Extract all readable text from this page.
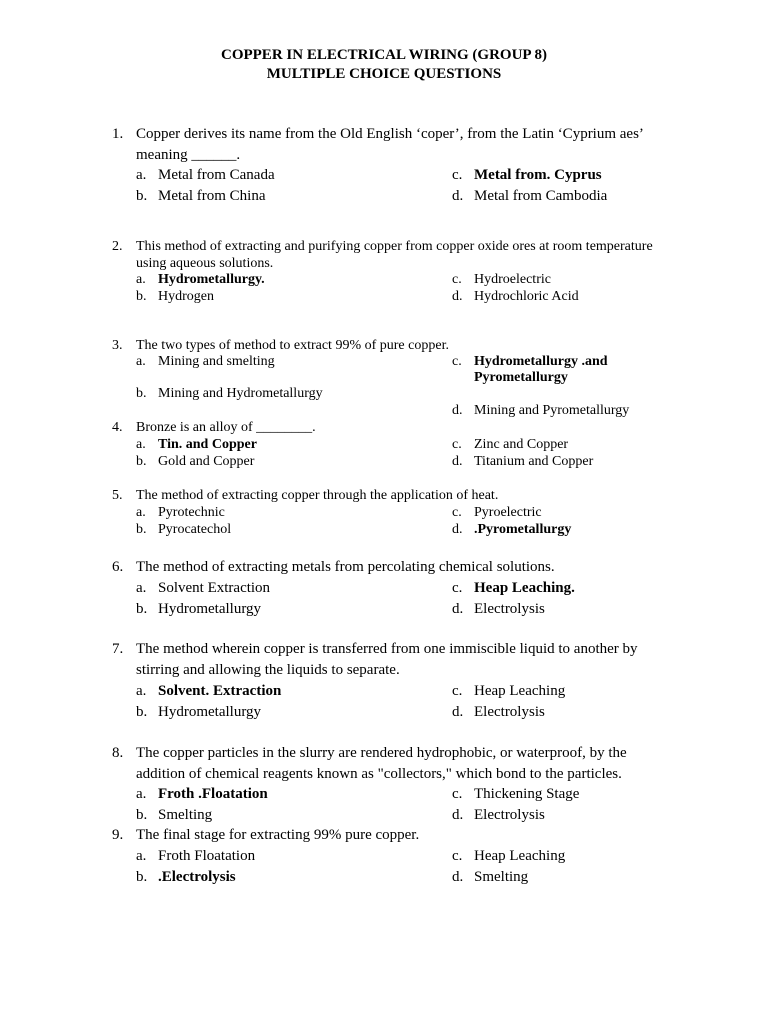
COPPER IN ELECTRICAL WIRING (GROUP 8)
MULTIPLE CHOICE QUESTIONS
1. Copper derives its name from the Old English ‘coper’, from the Latin ‘Cyprium aes’
meaning ______.
a. Metal from Canada
b. Metal from China
c. Metal from. Cyprus
d. Metal from Cambodia
2. This method of extracting and purifying copper from copper oxide ores at room temperature
using aqueous solutions.
a. Hydrometallurgy.
b. Hydrogen
c. Hydroelectric
d. Hydrochloric Acid
3. The two types of method to extract 99% of pure copper.
a. Mining and smelting
b. Mining and Hydrometallurgy
c. Hydrometallurgy .and
Pyrometallurgy
d. Mining and Pyrometallurgy
4. Bronze is an alloy of ________.
a. Tin. and Copper
b. Gold and Copper
c. Zinc and Copper
d. Titanium and Copper
5. The method of extracting copper through the application of heat.
a. Pyrotechnic
b. Pyrocatechol
c. Pyroelectric
d. .Pyrometallurgy
6. The method of extracting metals from percolating chemical solutions.
a. Solvent Extraction
b. Hydrometallurgy
c. Heap Leaching.
d. Electrolysis
7. The method wherein copper is transferred from one immiscible liquid to another by
stirring and allowing the liquids to separate.
a. Solvent. Extraction
b. Hydrometallurgy
c. Heap Leaching
d. Electrolysis
8. The copper particles in the slurry are rendered hydrophobic, or waterproof, by the
addition of chemical reagents known as "collectors," which bond to the particles.
a. Froth .Floatation
b. Smelting
c. Thickening Stage
d. Electrolysis
9. The final stage for extracting 99% pure copper.
a. Froth Floatation
b. .Electrolysis
c. Heap Leaching
d. Smelting
